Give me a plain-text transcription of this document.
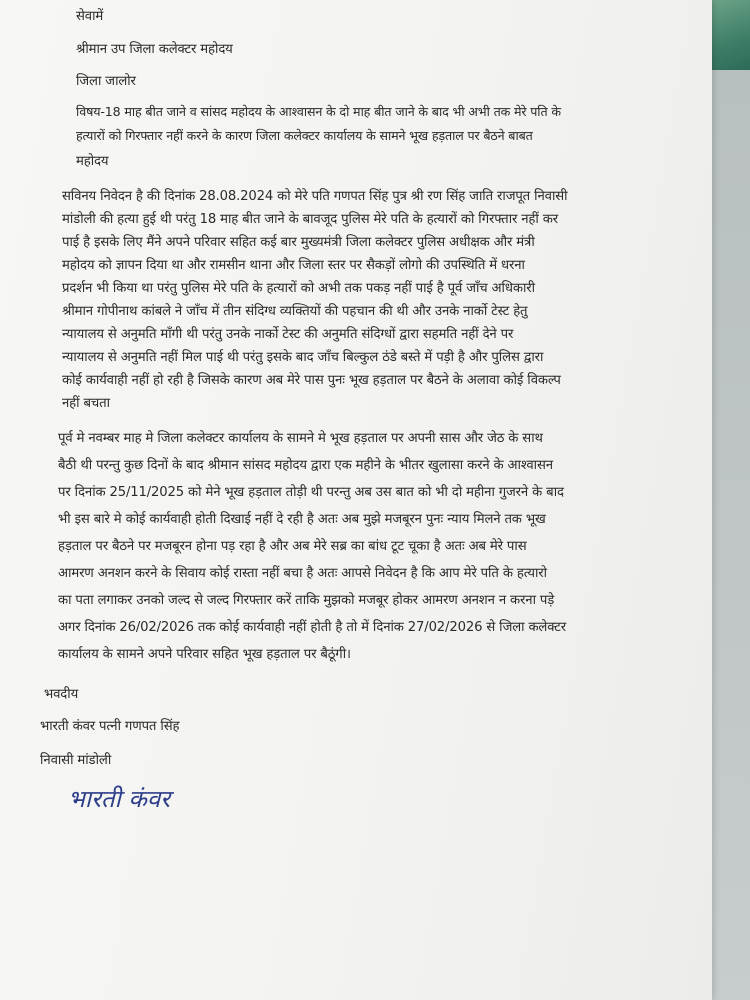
सेवामें
श्रीमान उप जिला कलेक्टर महोदय
जिला जालोर
विषय-18 माह बीत जाने व सांसद महोदय के आश्वासन के दो माह बीत जाने के बाद भी अभी तक मेरे पति के
हत्यारों को गिरफ्तार नहीं करने के कारण जिला कलेक्टर कार्यालय के सामने भूख हड़ताल पर बैठने बाबत
महोदय
सविनय निवेदन है की दिनांक 28.08.2024 को मेरे पति गणपत सिंह पुत्र श्री रण सिंह जाति राजपूत निवासी
मांडोली की हत्या हुई थी परंतु 18 माह बीत जाने के बावजूद पुलिस मेरे पति के हत्यारों को गिरफ्तार नहीं कर
पाई है इसके लिए मैंने अपने परिवार सहित कई बार मुख्यमंत्री जिला कलेक्टर पुलिस अधीक्षक और मंत्री
महोदय को ज्ञापन दिया था और रामसीन थाना और जिला स्तर पर सैकड़ों लोगो की उपस्थिति में धरना
प्रदर्शन भी किया था परंतु पुलिस मेरे पति के हत्यारों को अभी तक पकड़ नहीं पाई है पूर्व जाँच अधिकारी
श्रीमान गोपीनाथ कांबले ने जाँच में तीन संदिग्ध व्यक्तियों की पहचान की थी और उनके नार्को टेस्ट हेतु
न्यायालय से अनुमति माँगी थी परंतु उनके नार्को टेस्ट की अनुमति संदिग्धों द्वारा सहमति नहीं देने पर
न्यायालय से अनुमति नहीं मिल पाई थी परंतु इसके बाद जाँच बिल्कुल ठंडे बस्ते में पड़ी है और पुलिस द्वारा
कोई कार्यवाही नहीं हो रही है जिसके कारण अब मेरे पास पुनः भूख हड़ताल पर बैठने के अलावा कोई विकल्प
नहीं बचता
पूर्व मे नवम्बर माह मे जिला कलेक्टर कार्यालय के सामने मे भूख हड़ताल पर अपनी सास और जेठ के साथ
बैठी थी परन्तु कुछ दिनों के बाद श्रीमान सांसद महोदय द्वारा एक महीने के भीतर खुलासा करने के आश्वासन
पर दिनांक 25/11/2025 को मेने भूख हड़ताल तोड़ी थी परन्तु अब उस बात को भी दो महीना गुजरने के बाद
भी इस बारे मे कोई कार्यवाही होती दिखाई नहीं दे रही है अतः अब मुझे मजबूरन पुनः न्याय मिलने तक भूख
हड़ताल पर बैठने पर मजबूरन होना पड़ रहा है और अब मेरे सब्र का बांध टूट चूका है अतः अब मेरे पास
आमरण अनशन करने के सिवाय कोई रास्ता नहीं बचा है अतः आपसे निवेदन है कि आप मेरे पति के हत्यारो
का पता लगाकर उनको जल्द से जल्द गिरफ्तार करें ताकि मुझको मजबूर होकर आमरण अनशन न करना पड़े
अगर दिनांक 26/02/2026 तक कोई कार्यवाही नहीं होती है तो में दिनांक 27/02/2026 से जिला कलेक्टर
कार्यालय के सामने अपने परिवार सहित भूख हड़ताल पर बैठूंगी।
भवदीय
भारती कंवर पत्नी गणपत सिंह
निवासी मांडोली
भारती कंवर
